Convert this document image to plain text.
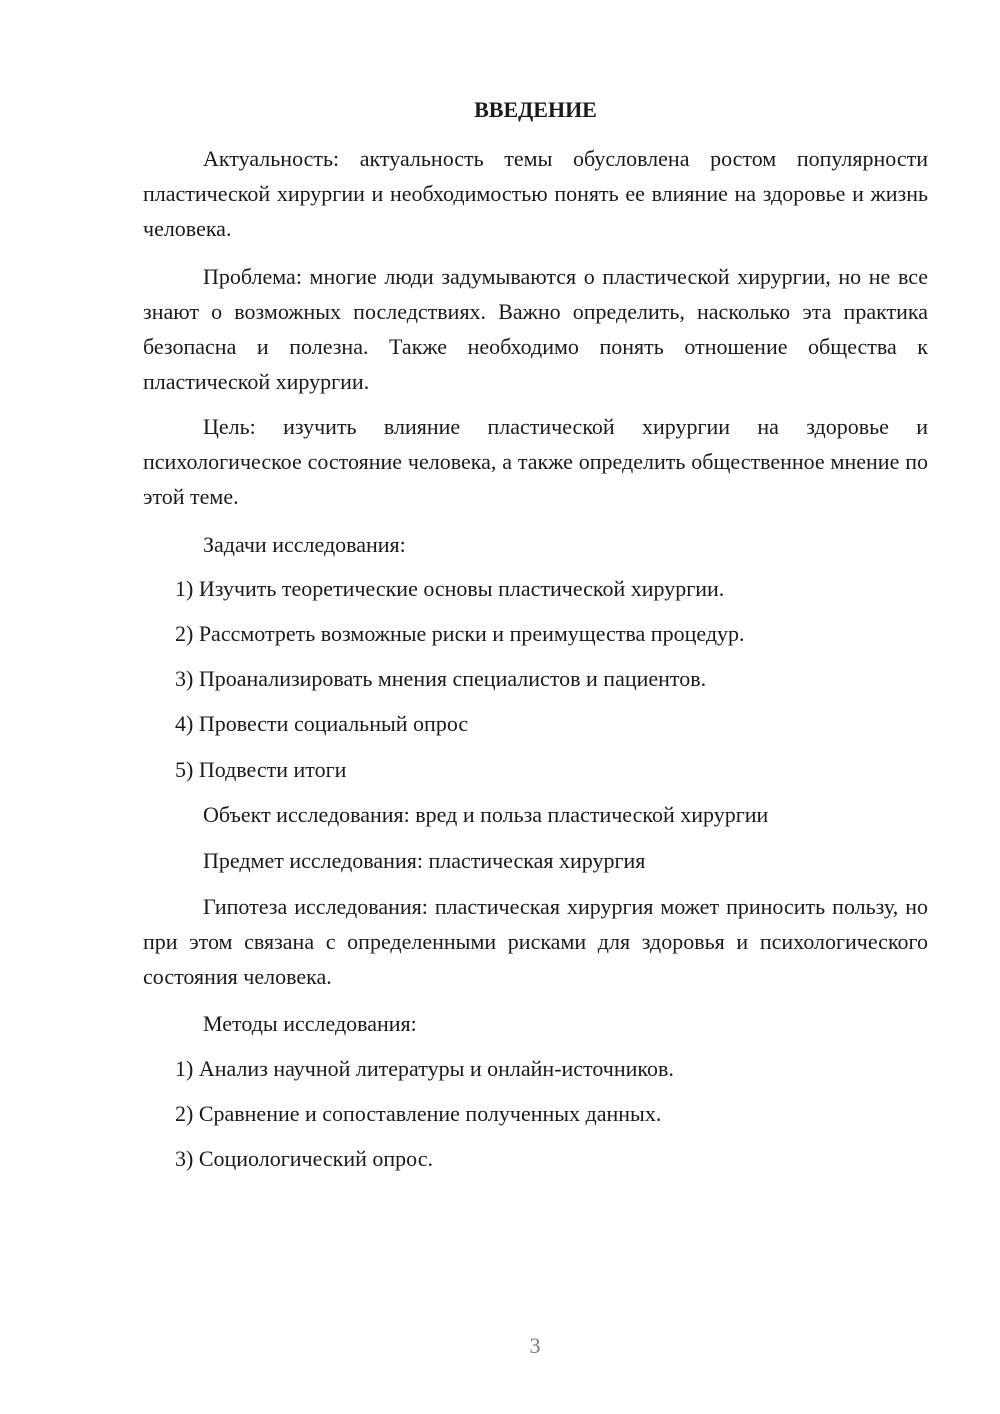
ВВЕДЕНИЕ

Актуальность: актуальность темы обусловлена ростом популярности пластической хирургии и необходимостью понять ее влияние на здоровье и жизнь человека.

Проблема: многие люди задумываются о пластической хирургии, но не все знают о возможных последствиях. Важно определить, насколько эта практика безопасна и полезна. Также необходимо понять отношение общества к пластической хирургии.

Цель: изучить влияние пластической хирургии на здоровье и психологическое состояние человека, а также определить общественное мнение по этой теме.

Задачи исследования:

1) Изучить теоретические основы пластической хирургии.

2) Рассмотреть возможные риски и преимущества процедур.

3) Проанализировать мнения специалистов и пациентов.

4) Провести социальный опрос

5) Подвести итоги

Объект исследования: вред и польза пластической хирургии

Предмет исследования: пластическая хирургия

Гипотеза исследования: пластическая хирургия может приносить пользу, но при этом связана с определенными рисками для здоровья и психологического состояния человека.

Методы исследования:

1) Анализ научной литературы и онлайн-источников.

2) Сравнение и сопоставление полученных данных.

3) Социологический опрос.

3
